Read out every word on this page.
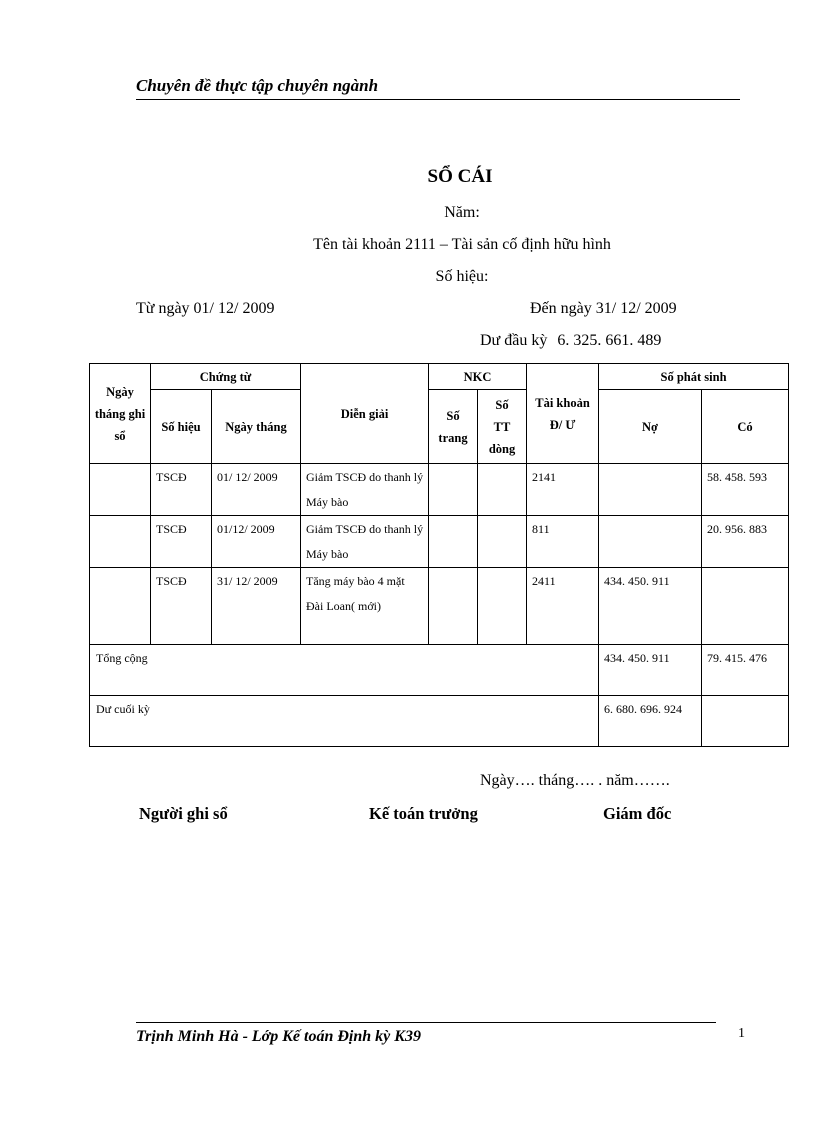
Chuyên đề thực tập chuyên ngành
SỔ CÁI
Năm:
Tên tài khoản 2111 – Tài sản cố định hữu hình
Số hiệu:
Từ ngày 01/ 12/ 2009	Đến ngày 31/ 12/ 2009
Dư đầu kỳ 6. 325. 661. 489
Ngày tháng ghi sổ	Chứng từ		Diễn giải	NKC		Tài khoản Đ/ Ư	Số phát sinh	
	Số hiệu	Ngày tháng		Số trang	Số TT dòng		Nợ	Có
	TSCĐ	01/ 12/ 2009	Giảm TSCĐ do thanh lý Máy bào			2141		58. 458. 593
	TSCĐ	01/12/ 2009	Giảm TSCĐ do thanh lý Máy bào			811		20. 956. 883
	TSCĐ	31/ 12/ 2009	Tăng máy bào 4 mặt Đài Loan( mới)			2411	434. 450. 911	
Tổng cộng							434. 450. 911	79. 415. 476
Dư cuối kỳ							6. 680. 696. 924	
Ngày…. tháng…. . năm…….
Người ghi sổ	Kế toán trưởng	Giám đốc
Trịnh Minh Hà - Lớp Kế toán Định kỳ K39	1
